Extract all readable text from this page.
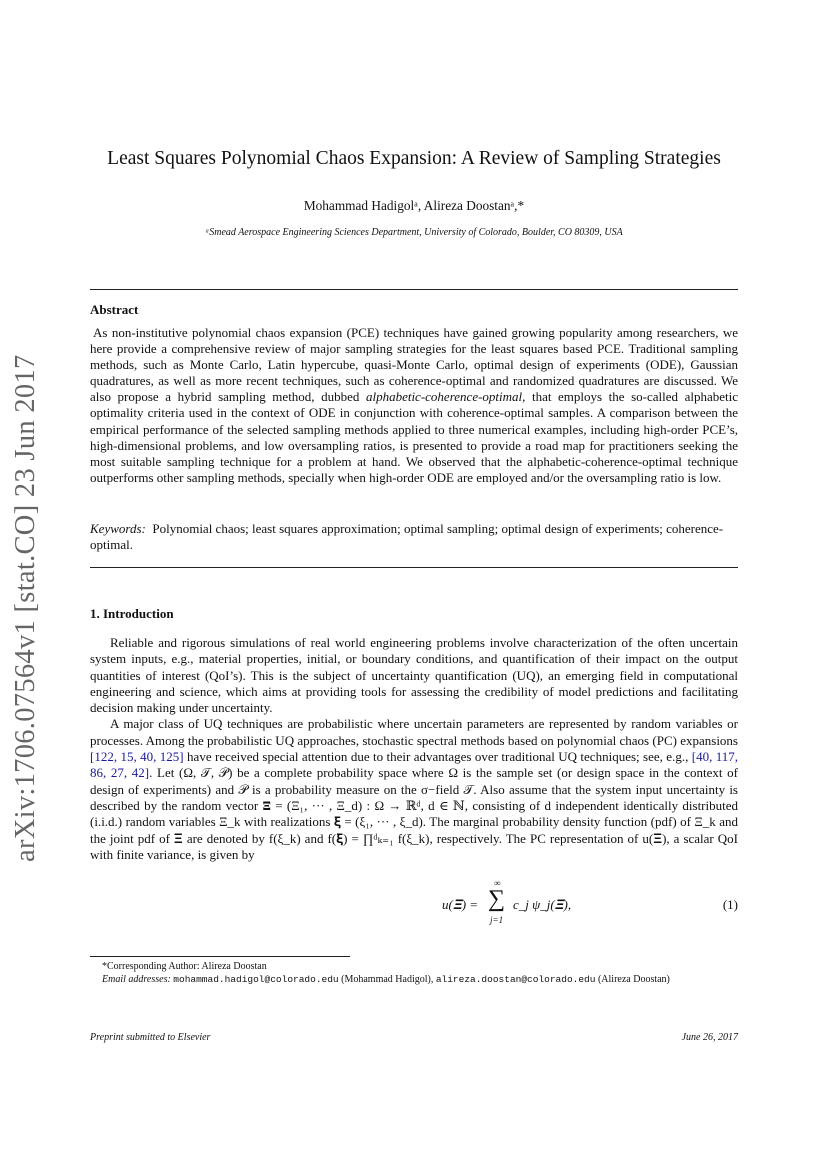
arXiv:1706.07564v1 [stat.CO] 23 Jun 2017
Least Squares Polynomial Chaos Expansion: A Review of Sampling Strategies
Mohammad Hadigolᵃ, Alireza Doostanᵃ,*
ᵃSmead Aerospace Engineering Sciences Department, University of Colorado, Boulder, CO 80309, USA
Abstract

As non-institutive polynomial chaos expansion (PCE) techniques have gained growing popularity among researchers, we here provide a comprehensive review of major sampling strategies for the least squares based PCE. Traditional sampling methods, such as Monte Carlo, Latin hypercube, quasi-Monte Carlo, optimal design of experiments (ODE), Gaussian quadratures, as well as more recent techniques, such as coherence-optimal and randomized quadratures are discussed. We also propose a hybrid sampling method, dubbed alphabetic-coherence-optimal, that employs the so-called alphabetic optimality criteria used in the context of ODE in conjunction with coherence-optimal samples. A comparison between the empirical performance of the selected sampling methods applied to three numerical examples, including high-order PCE’s, high-dimensional problems, and low oversampling ratios, is presented to provide a road map for practitioners seeking the most suitable sampling technique for a problem at hand. We observed that the alphabetic-coherence-optimal technique outperforms other sampling methods, specially when high-order ODE are employed and/or the oversampling ratio is low.

Keywords: Polynomial chaos; least squares approximation; optimal sampling; optimal design of experiments; coherence-optimal.
1. Introduction

Reliable and rigorous simulations of real world engineering problems involve characterization of the often uncertain system inputs, e.g., material properties, initial, or boundary conditions, and quantification of their impact on the output quantities of interest (QoI’s). This is the subject of uncertainty quantification (UQ), an emerging field in computational engineering and science, which aims at providing tools for assessing the credibility of model predictions and facilitating decision making under uncertainty.

A major class of UQ techniques are probabilistic where uncertain parameters are represented by random variables or processes. Among the probabilistic UQ approaches, stochastic spectral methods based on polynomial chaos (PC) expansions [122, 15, 40, 125] have received special attention due to their advantages over traditional UQ techniques; see, e.g., [40, 117, 86, 27, 42]. Let (Ω, 𝒯, 𝒫) be a complete probability space where Ω is the sample set (or design space in the context of design of experiments) and 𝒫 is a probability measure on the σ−field 𝒯. Also assume that the system input uncertainty is described by the random vector 𝚵 = (Ξ₁, ··· , Ξ_d) : Ω → ℝᵈ, d ∈ ℕ, consisting of d independent identically distributed (i.i.d.) random variables Ξ_k with realizations 𝛏 = (ξ₁, ··· , ξ_d). The marginal probability density function (pdf) of Ξ_k and the joint pdf of 𝚵 are denoted by f(ξ_k) and f(𝛏) = ∏ᵈₖ₌₁ f(ξ_k), respectively. The PC representation of u(𝚵), a scalar QoI with finite variance, is given by

u(𝚵) =
∞
∑
j=1
c_j ψ_j(𝚵),	(1)

*Corresponding Author: Alireza Doostan

Email addresses: mohammad.hadigol@colorado.edu (Mohammad Hadigol), alireza.doostan@colorado.edu (Alireza Doostan)

Preprint submitted to Elsevier	June 26, 2017
